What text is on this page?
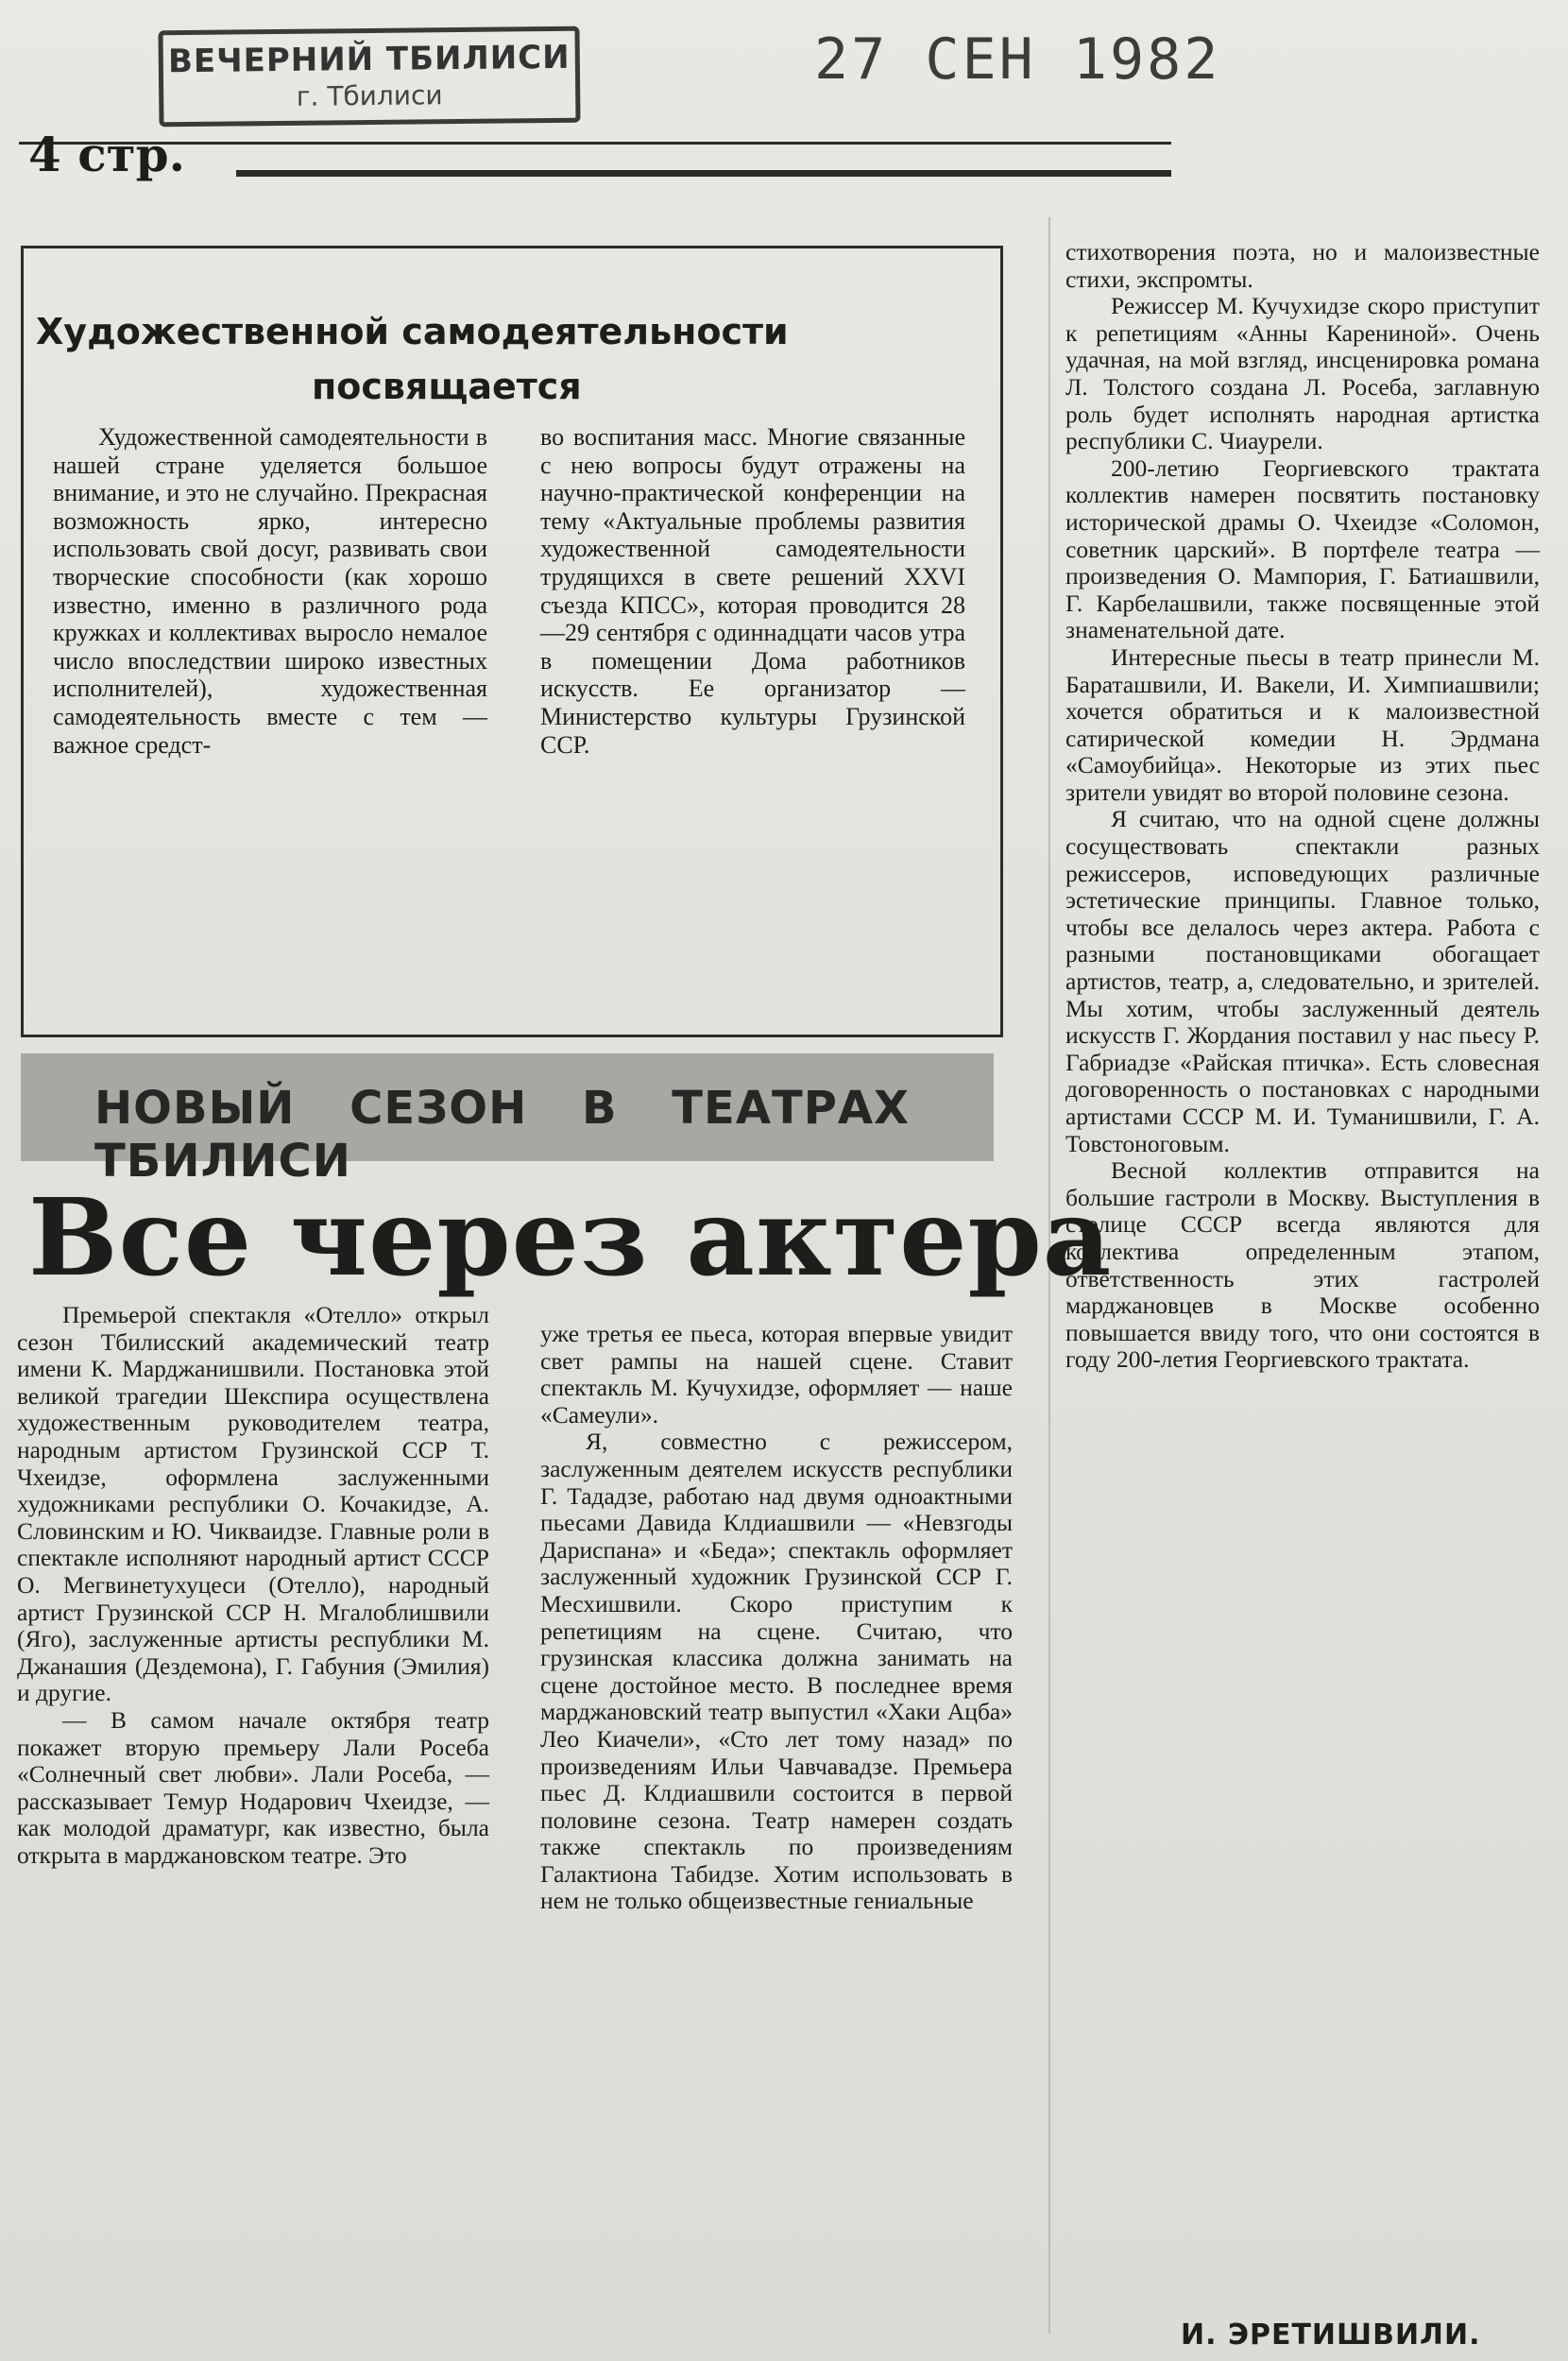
ВЕЧЕРНИЙ ТБИЛИСИ
г. Тбилиси
27 СЕН 1982
4 стр.
Художественной самодеятельности
посвящается

Художественной самодеятельности в нашей стране уделяется большое внимание, и это не случайно. Прекрасная возможность ярко, интересно использовать свой досуг, развивать свои творческие способности (как хорошо известно, именно в различного рода кружках и коллективах выросло немалое число впоследствии широко известных исполнителей), художественная самодеятельность вместе с тем — важное средст-

во воспитания масс. Многие связанные с нею вопросы будут отражены на научно-практической конференции на тему «Актуальные проблемы развития художественной самодеятельности трудящихся в свете решений XXVI съезда КПСС», которая проводится 28—29 сентября с одиннадцати часов утра в помещении Дома работников искусств. Ее организатор — Министерство культуры Грузинской ССР.

НОВЫЙ СЕЗОН В ТЕАТРАХ ТБИЛИСИ
Все через актера

Премьерой спектакля «Отелло» открыл сезон Тбилисский академический театр имени К. Марджанишвили. Постановка этой великой трагедии Шекспира осуществлена художественным руководителем театра, народным артистом Грузинской ССР Т. Чхеидзе, оформлена заслуженными художниками республики О. Кочакидзе, А. Словинским и Ю. Чикваидзе. Главные роли в спектакле исполняют народный артист СССР О. Мегвинетухуцеси (Отелло), народный артист Грузинской ССР Н. Мгалоблишвили (Яго), заслуженные артисты республики М. Джанашия (Дездемона), Г. Габуния (Эмилия) и другие.

— В самом начале октября театр покажет вторую премьеру Лали Росеба «Солнечный свет любви». Лали Росеба, — рассказывает Темур Нодарович Чхеидзе, — как молодой драматург, как известно, была открыта в марджановском театре. Это

уже третья ее пьеса, которая впервые увидит свет рампы на нашей сцене. Ставит спектакль М. Кучухидзе, оформляет — наше «Самеули».

Я, совместно с режиссером, заслуженным деятелем искусств республики Г. Тададзе, работаю над двумя одноактными пьесами Давида Клдиашвили — «Невзгоды Дариспана» и «Беда»; спектакль оформляет заслуженный художник Грузинской ССР Г. Месхишвили. Скоро приступим к репетициям на сцене. Считаю, что грузинская классика должна занимать на сцене достойное место. В последнее время марджановский театр выпустил «Хаки Ацба» Лео Киачели», «Сто лет тому назад» по произведениям Ильи Чавчавадзе. Премьера пьес Д. Клдиашвили состоится в первой половине сезона. Театр намерен создать также спектакль по произведениям Галактиона Табидзе. Хотим использовать в нем не только общеизвестные гениальные

стихотворения поэта, но и малоизвестные стихи, экспромты.

Режиссер М. Кучухидзе скоро приступит к репетициям «Анны Карениной». Очень удачная, на мой взгляд, инсценировка романа Л. Толстого создана Л. Росеба, заглавную роль будет исполнять народная артистка республики С. Чиаурели.

200-летию Георгиевского трактата коллектив намерен посвятить постановку исторической драмы О. Чхеидзе «Соломон, советник царский». В портфеле театра — произведения О. Мампория, Г. Батиашвили, Г. Карбелашвили, также посвященные этой знаменательной дате.

Интересные пьесы в театр принесли М. Бараташвили, И. Вакели, И. Химпиашвили; хочется обратиться и к малоизвестной сатирической комедии Н. Эрдмана «Самоубийца». Некоторые из этих пьес зрители увидят во второй половине сезона.

Я считаю, что на одной сцене должны сосуществовать спектакли разных режиссеров, исповедующих различные эстетические принципы. Главное только, чтобы все делалось через актера. Работа с разными постановщиками обогащает артистов, театр, а, следовательно, и зрителей. Мы хотим, чтобы заслуженный деятель искусств Г. Жордания поставил у нас пьесу Р. Габриадзе «Райская птичка». Есть словесная договоренность о постановках с народными артистами СССР М. И. Туманишвили, Г. А. Товстоноговым.

Весной коллектив отправится на большие гастроли в Москву. Выступления в столице СССР всегда являются для коллектива определенным этапом, ответственность этих гастролей марджановцев в Москве особенно повышается ввиду того, что они состоятся в году 200-летия Георгиевского трактата.

И. ЭРЕТИШВИЛИ.
